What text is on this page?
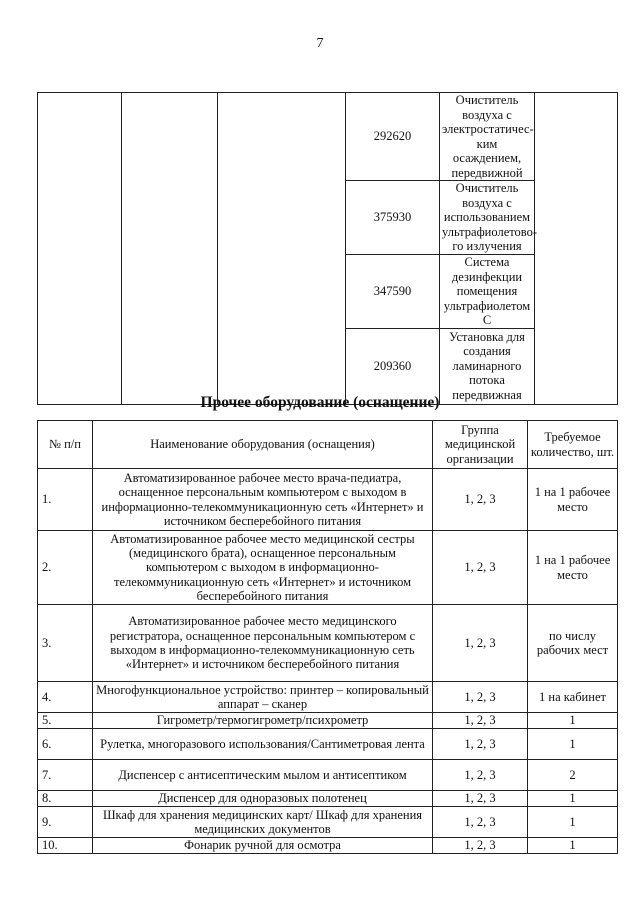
7
			292620	Очиститель воздуха с электростатичес-ким осаждением, передвижной	
			375930	Очиститель воздуха с использованием ультрафиолетово-го излучения	
			347590	Система дезинфекции помещения ультрафиолетом С	
			209360	Установка для создания ламинарного потока передвижная	
Прочее оборудование (оснащение)
№ п/п	Наименование оборудования (оснащения)	Группа медицинской организации	Требуемое количество, шт.
1.	Автоматизированное рабочее место врача-педиатра, оснащенное персональным компьютером с выходом в информационно-телекоммуникационную сеть «Интернет» и источником бесперебойного питания	1, 2, 3	1 на 1 рабочее место
2.	Автоматизированное рабочее место медицинской сестры (медицинского брата), оснащенное персональным компьютером с выходом в информационно-телекоммуникационную сеть «Интернет» и источником бесперебойного питания	1, 2, 3	1 на 1 рабочее место
3.	Автоматизированное рабочее место медицинского регистратора, оснащенное персональным компьютером с выходом в информационно-телекоммуникационную сеть «Интернет» и источником бесперебойного питания	1, 2, 3	по числу рабочих мест
4.	Многофункциональное устройство: принтер – копировальный аппарат – сканер	1, 2, 3	1 на кабинет
5.	Гигрометр/термогигрометр/психрометр	1, 2, 3	1
6.	Рулетка, многоразового использования/Сантиметровая лента	1, 2, 3	1
7.	Диспенсер с антисептическим мылом и антисептиком	1, 2, 3	2
8.	Диспенсер для одноразовых полотенец	1, 2, 3	1
9.	Шкаф для хранения медицинских карт/ Шкаф для хранения медицинских документов	1, 2, 3	1
10.	Фонарик ручной для осмотра	1, 2, 3	1
